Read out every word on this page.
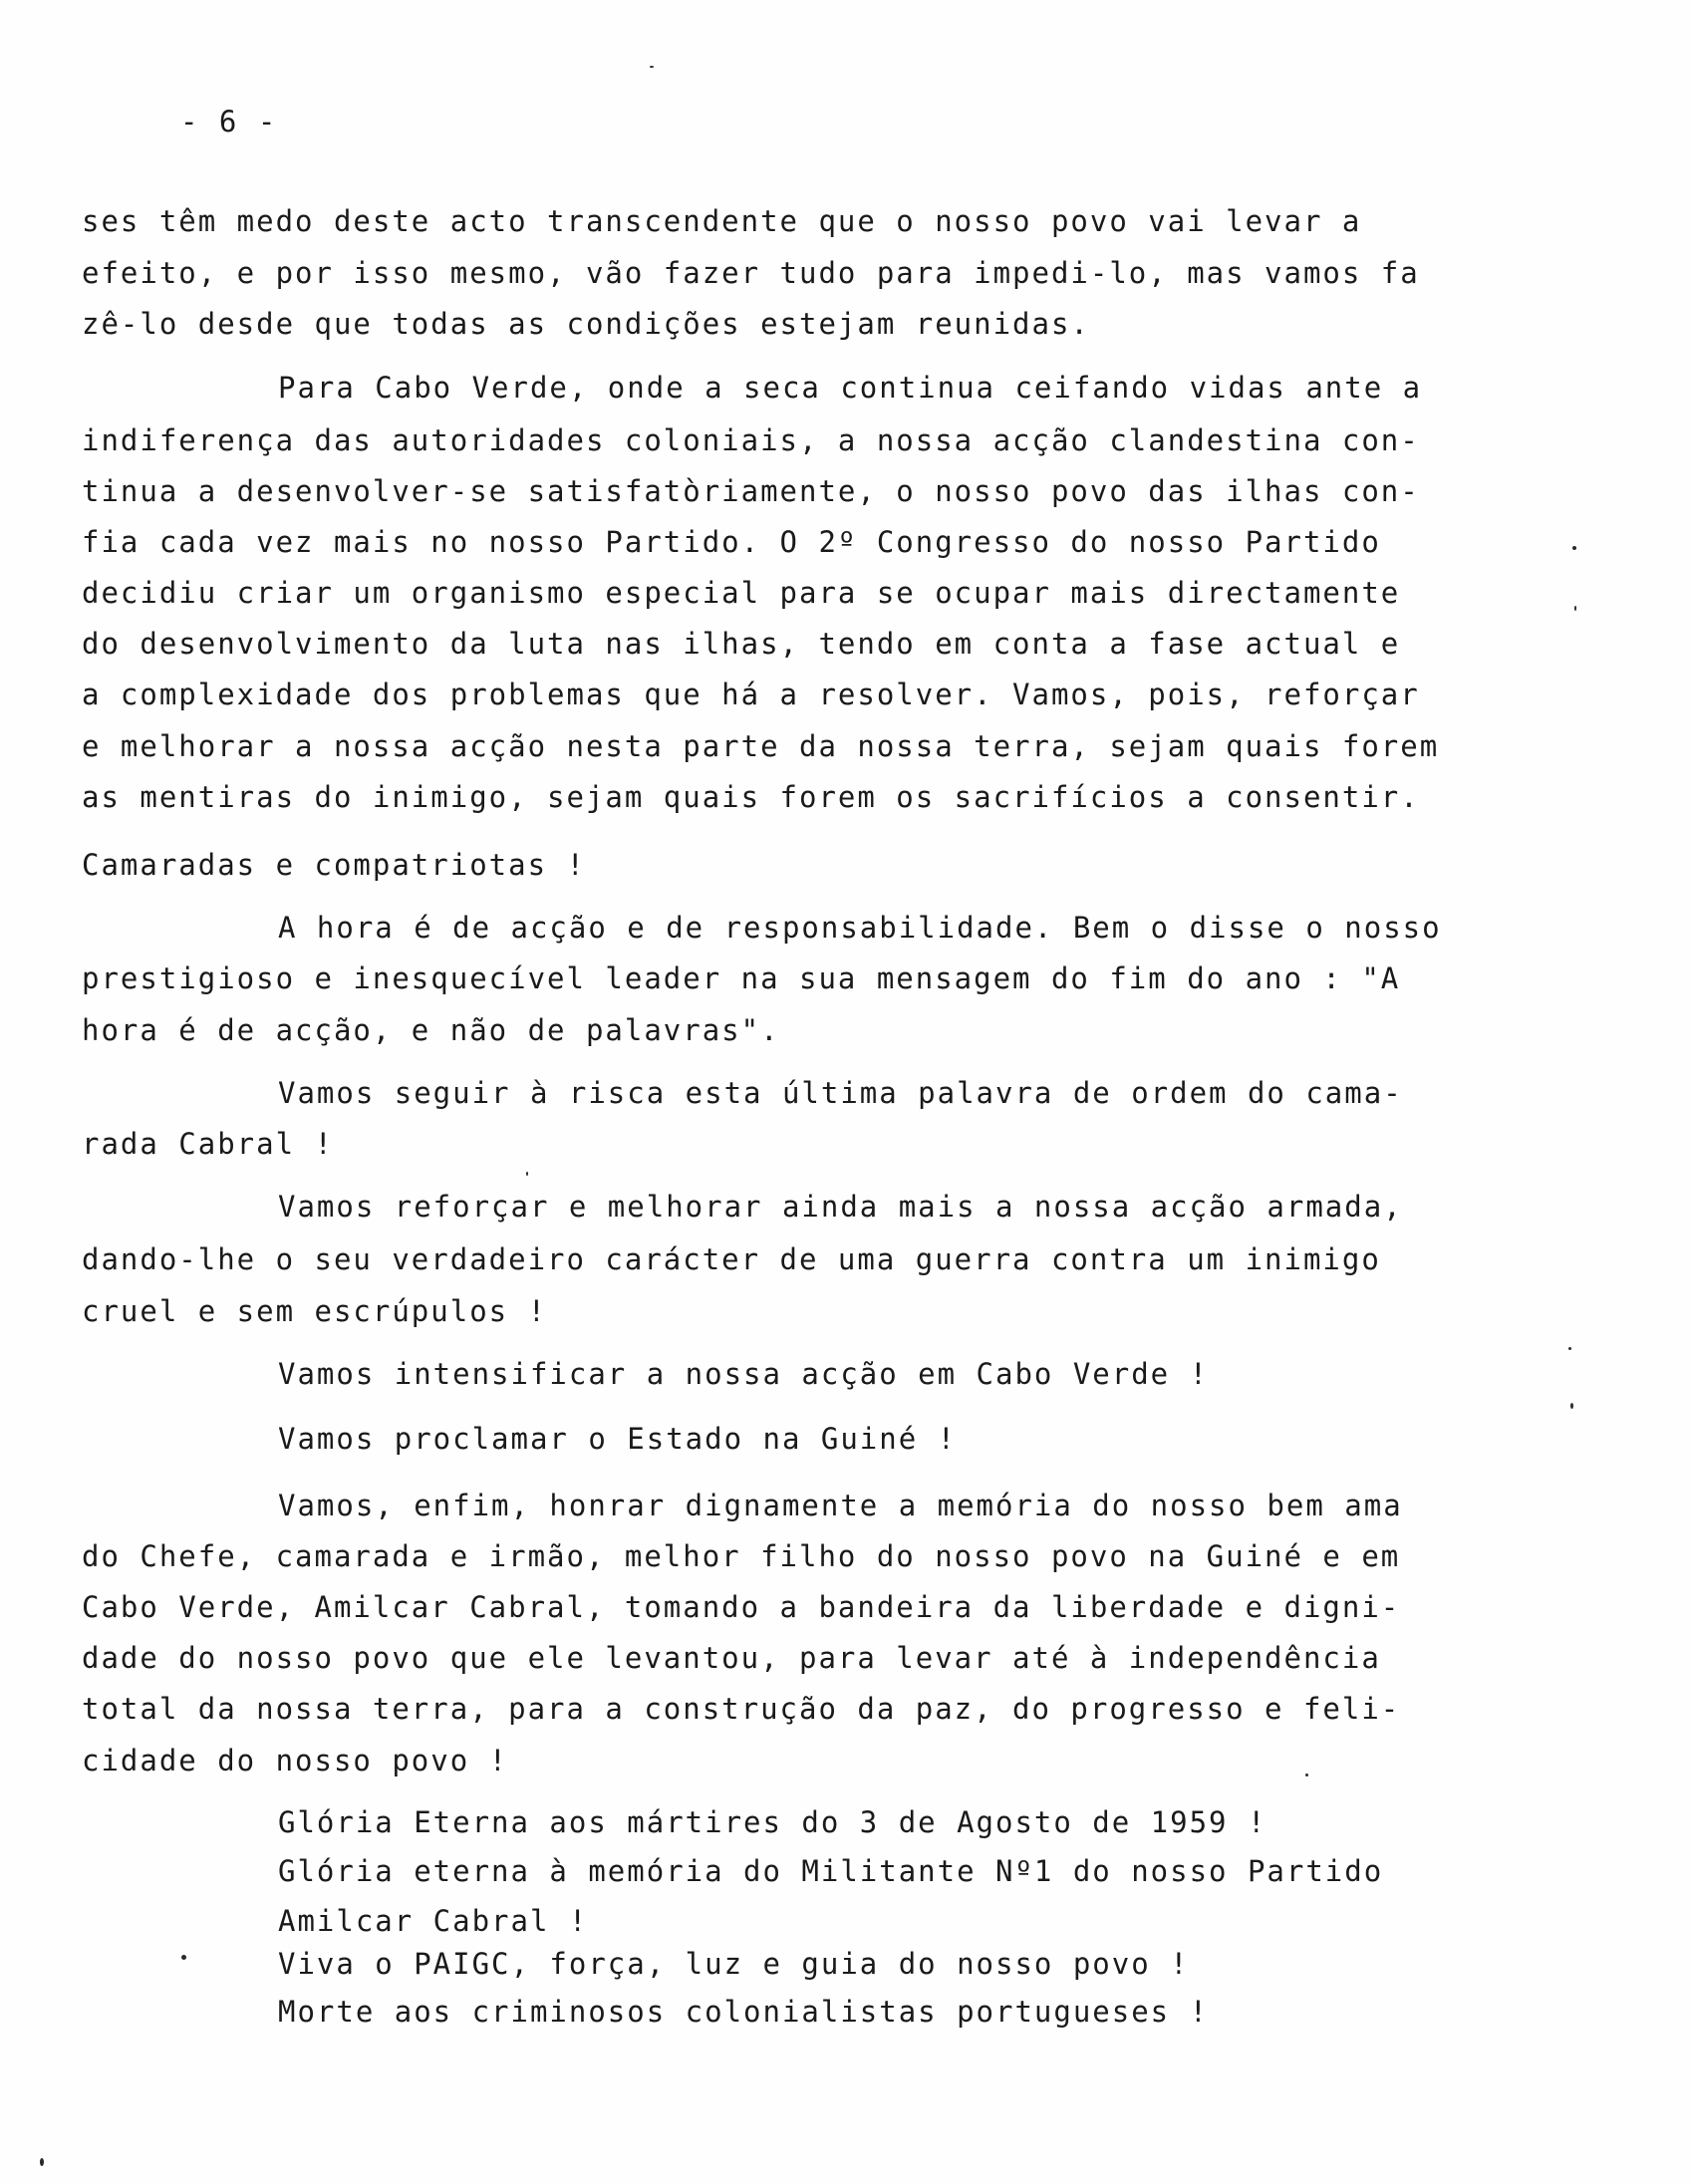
- 6 -
ses têm medo deste acto transcendente que o nosso povo vai levar a
efeito, e por isso mesmo, vão fazer tudo para impedi-lo, mas vamos fa
zê-lo desde que todas as condições estejam reunidas.
Para Cabo Verde, onde a seca continua ceifando vidas ante a
indiferença das autoridades coloniais, a nossa acção clandestina con-
tinua a desenvolver-se satisfatòriamente, o nosso povo das ilhas con-
fia cada vez mais no nosso Partido. O 2º Congresso do nosso Partido
decidiu criar um organismo especial para se ocupar mais directamente
do desenvolvimento da luta nas ilhas, tendo em conta a fase actual e
a complexidade dos problemas que há a resolver. Vamos, pois, reforçar
e melhorar a nossa acção nesta parte da nossa terra, sejam quais forem
as mentiras do inimigo, sejam quais forem os sacrifícios a consentir.
Camaradas e compatriotas !
A hora é de acção e de responsabilidade. Bem o disse o nosso
prestigioso e inesquecível leader na sua mensagem do fim do ano : "A
hora é de acção, e não de palavras".
Vamos seguir à risca esta última palavra de ordem do cama-
rada Cabral !
Vamos reforçar e melhorar ainda mais a nossa acção armada,
dando-lhe o seu verdadeiro carácter de uma guerra contra um inimigo
cruel e sem escrúpulos !
Vamos intensificar a nossa acção em Cabo Verde !
Vamos proclamar o Estado na Guiné !
Vamos, enfim, honrar dignamente a memória do nosso bem ama
do Chefe, camarada e irmão, melhor filho do nosso povo na Guiné e em
Cabo Verde, Amilcar Cabral, tomando a bandeira da liberdade e digni-
dade do nosso povo que ele levantou, para levar até à independência
total da nossa terra, para a construção da paz, do progresso e feli-
cidade do nosso povo !
Glória Eterna aos mártires do 3 de Agosto de 1959 !
Glória eterna à memória do Militante Nº1 do nosso Partido
Amilcar Cabral !
Viva o PAIGC, força, luz e guia do nosso povo !
Morte aos criminosos colonialistas portugueses !
